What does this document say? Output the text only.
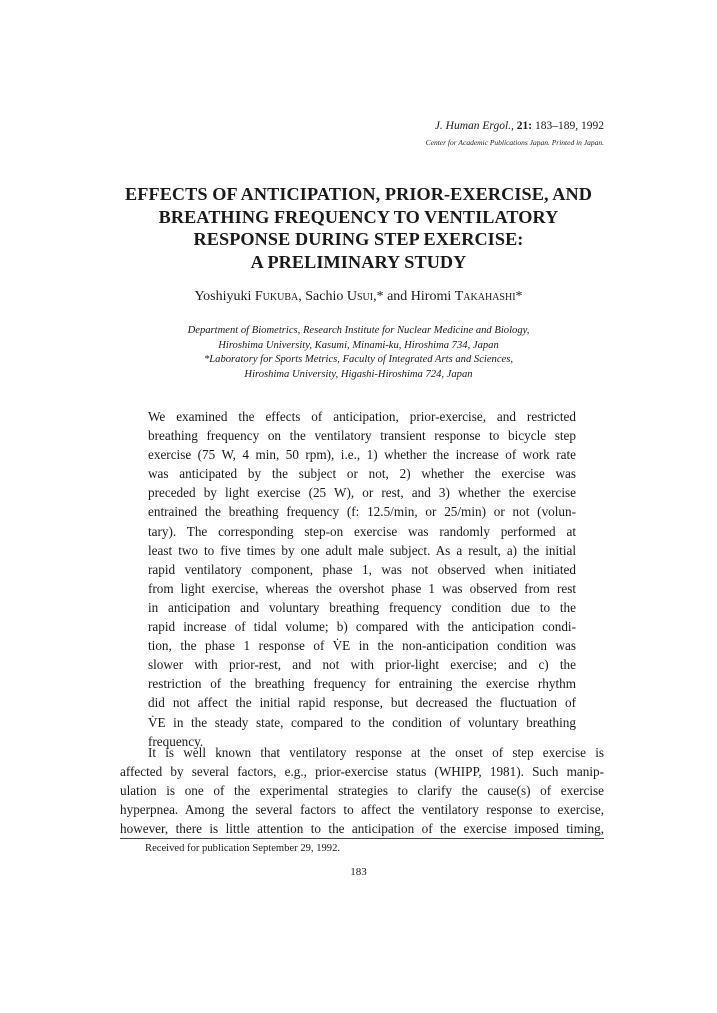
J. Human Ergol., 21: 183–189, 1992
Center for Academic Publications Japan. Printed in Japan.
EFFECTS OF ANTICIPATION, PRIOR-EXERCISE, AND
BREATHING FREQUENCY TO VENTILATORY
RESPONSE DURING STEP EXERCISE:
A PRELIMINARY STUDY
Yoshiyuki Fukuba, Sachio Usui,* and Hiromi Takahashi*
Department of Biometrics, Research Institute for Nuclear Medicine and Biology,
Hiroshima University, Kasumi, Minami-ku, Hiroshima 734, Japan
*Laboratory for Sports Metrics, Faculty of Integrated Arts and Sciences,
Hiroshima University, Higashi-Hiroshima 724, Japan
We examined the effects of anticipation, prior-exercise, and restricted
breathing frequency on the ventilatory transient response to bicycle step
exercise (75 W, 4 min, 50 rpm), i.e., 1) whether the increase of work rate
was anticipated by the subject or not, 2) whether the exercise was
preceded by light exercise (25 W), or rest, and 3) whether the exercise
entrained the breathing frequency (f: 12.5/min, or 25/min) or not (volun-
tary). The corresponding step-on exercise was randomly performed at
least two to five times by one adult male subject. As a result, a) the initial
rapid ventilatory component, phase 1, was not observed when initiated
from light exercise, whereas the overshot phase 1 was observed from rest
in anticipation and voluntary breathing frequency condition due to the
rapid increase of tidal volume; b) compared with the anticipation condi-
tion, the phase 1 response of V̇E in the non-anticipation condition was
slower with prior-rest, and not with prior-light exercise; and c) the
restriction of the breathing frequency for entraining the exercise rhythm
did not affect the initial rapid response, but decreased the fluctuation of
V̇E in the steady state, compared to the condition of voluntary breathing
frequency.
It is well known that ventilatory response at the onset of step exercise is
affected by several factors, e.g., prior-exercise status (WHIPP, 1981). Such manip-
ulation is one of the experimental strategies to clarify the cause(s) of exercise
hyperpnea. Among the several factors to affect the ventilatory response to exercise,
however, there is little attention to the anticipation of the exercise imposed timing,
Received for publication September 29, 1992.
183
